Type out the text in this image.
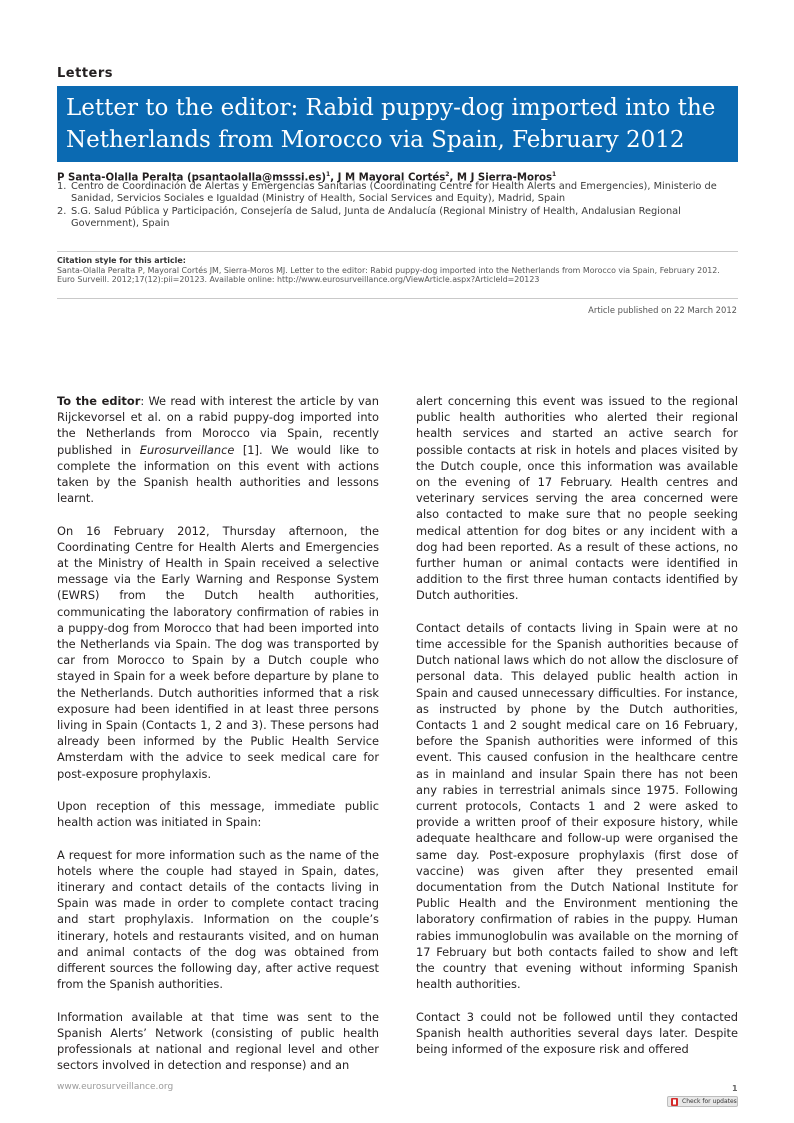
Letters
Letter to the editor: Rabid puppy-dog imported into the Netherlands from Morocco via Spain, February 2012
P Santa-Olalla Peralta (psantaolalla@msssi.es)$^1$, J M Mayoral Cortés$^2$, M J Sierra-Moros$^1$
1. Centro de Coordinación de Alertas y Emergencias Sanitarias (Coordinating Centre for Health Alerts and Emergencies), Ministerio de Sanidad, Servicios Sociales e Igualdad (Ministry of Health, Social Services and Equity), Madrid, Spain
2. S.G. Salud Pública y Participación, Consejería de Salud, Junta de Andalucía (Regional Ministry of Health, Andalusian Regional Government), Spain
Citation style for this article:
Santa-Olalla Peralta P, Mayoral Cortés JM, Sierra-Moros MJ. Letter to the editor: Rabid puppy-dog imported into the Netherlands from Morocco via Spain, February 2012.
Euro Surveill. 2012;17(12):pii=20123. Available online: http://www.eurosurveillance.org/ViewArticle.aspx?ArticleId=20123
Article published on 22 March 2012

To the editor: We read with interest the article by van Rijckevorsel et al. on a rabid puppy-dog imported into the Netherlands from Morocco via Spain, recently published in Eurosurveillance [1]. We would like to complete the information on this event with actions taken by the Spanish health authorities and lessons learnt.

On 16 February 2012, Thursday afternoon, the Coordinating Centre for Health Alerts and Emergencies at the Ministry of Health in Spain received a selective message via the Early Warning and Response System (EWRS) from the Dutch health authorities, communicating the laboratory confirmation of rabies in a puppy-dog from Morocco that had been imported into the Netherlands via Spain. The dog was transported by car from Morocco to Spain by a Dutch couple who stayed in Spain for a week before departure by plane to the Netherlands. Dutch authorities informed that a risk exposure had been identified in at least three persons living in Spain (Contacts 1, 2 and 3). These persons had already been informed by the Public Health Service Amsterdam with the advice to seek medical care for post-exposure prophylaxis.

Upon reception of this message, immediate public health action was initiated in Spain:

A request for more information such as the name of the hotels where the couple had stayed in Spain, dates, itinerary and contact details of the contacts living in Spain was made in order to complete contact tracing and start prophylaxis. Information on the couple’s itinerary, hotels and restaurants visited, and on human and animal contacts of the dog was obtained from different sources the following day, after active request from the Spanish authorities.

Information available at that time was sent to the Spanish Alerts’ Network (consisting of public health professionals at national and regional level and other sectors involved in detection and response) and an

alert concerning this event was issued to the regional public health authorities who alerted their regional health services and started an active search for possible contacts at risk in hotels and places visited by the Dutch couple, once this information was available on the evening of 17 February. Health centres and veterinary services serving the area concerned were also contacted to make sure that no people seeking medical attention for dog bites or any incident with a dog had been reported. As a result of these actions, no further human or animal contacts were identified in addition to the first three human contacts identified by Dutch authorities.

Contact details of contacts living in Spain were at no time accessible for the Spanish authorities because of Dutch national laws which do not allow the disclosure of personal data. This delayed public health action in Spain and caused unnecessary difficulties. For instance, as instructed by phone by the Dutch authorities, Contacts 1 and 2 sought medical care on 16 February, before the Spanish authorities were informed of this event. This caused confusion in the healthcare centre as in mainland and insular Spain there has not been any rabies in terrestrial animals since 1975. Following current protocols, Contacts 1 and 2 were asked to provide a written proof of their exposure history, while adequate healthcare and follow-up were organised the same day. Post-exposure prophylaxis (first dose of vaccine) was given after they presented email documentation from the Dutch National Institute for Public Health and the Environment mentioning the laboratory confirmation of rabies in the puppy. Human rabies immunoglobulin was available on the morning of 17 February but both contacts failed to show and left the country that evening without informing Spanish health authorities.

Contact 3 could not be followed until they contacted Spanish health authorities several days later. Despite being informed of the exposure risk and offered

www.eurosurveillance.org	1
Check for updates
